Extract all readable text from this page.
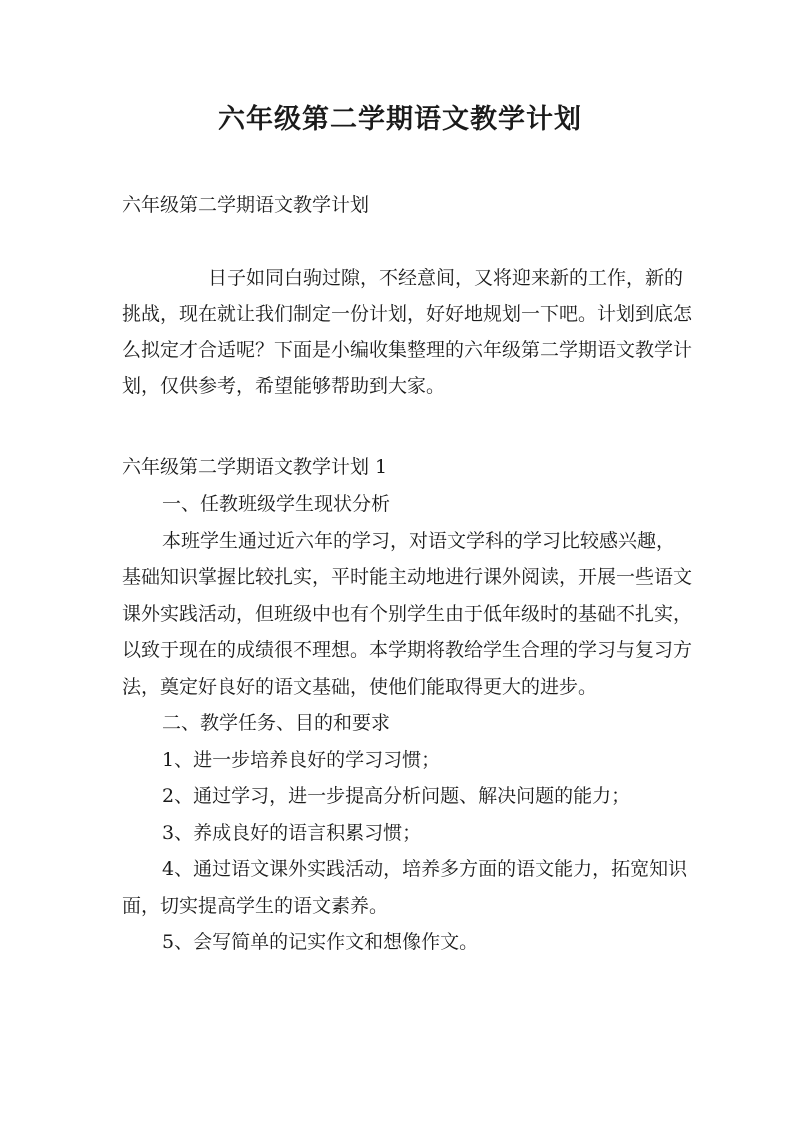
六年级第二学期语文教学计划

六年级第二学期语文教学计划

日子如同白驹过隙，不经意间，又将迎来新的工作，新的挑战，现在就让我们制定一份计划，好好地规划一下吧。计划到底怎么拟定才合适呢？下面是小编收集整理的六年级第二学期语文教学计划，仅供参考，希望能够帮助到大家。

六年级第二学期语文教学计划 1

一、任教班级学生现状分析

本班学生通过近六年的学习，对语文学科的学习比较感兴趣，基础知识掌握比较扎实，平时能主动地进行课外阅读，开展一些语文课外实践活动，但班级中也有个别学生由于低年级时的基础不扎实，以致于现在的成绩很不理想。本学期将教给学生合理的学习与复习方法，奠定好良好的语文基础，使他们能取得更大的进步。

二、教学任务、目的和要求

1、进一步培养良好的学习习惯；

2、通过学习，进一步提高分析问题、解决问题的能力；

3、养成良好的语言积累习惯；

4、通过语文课外实践活动，培养多方面的语文能力，拓宽知识面，切实提高学生的语文素养。

5、会写简单的记实作文和想像作文。
